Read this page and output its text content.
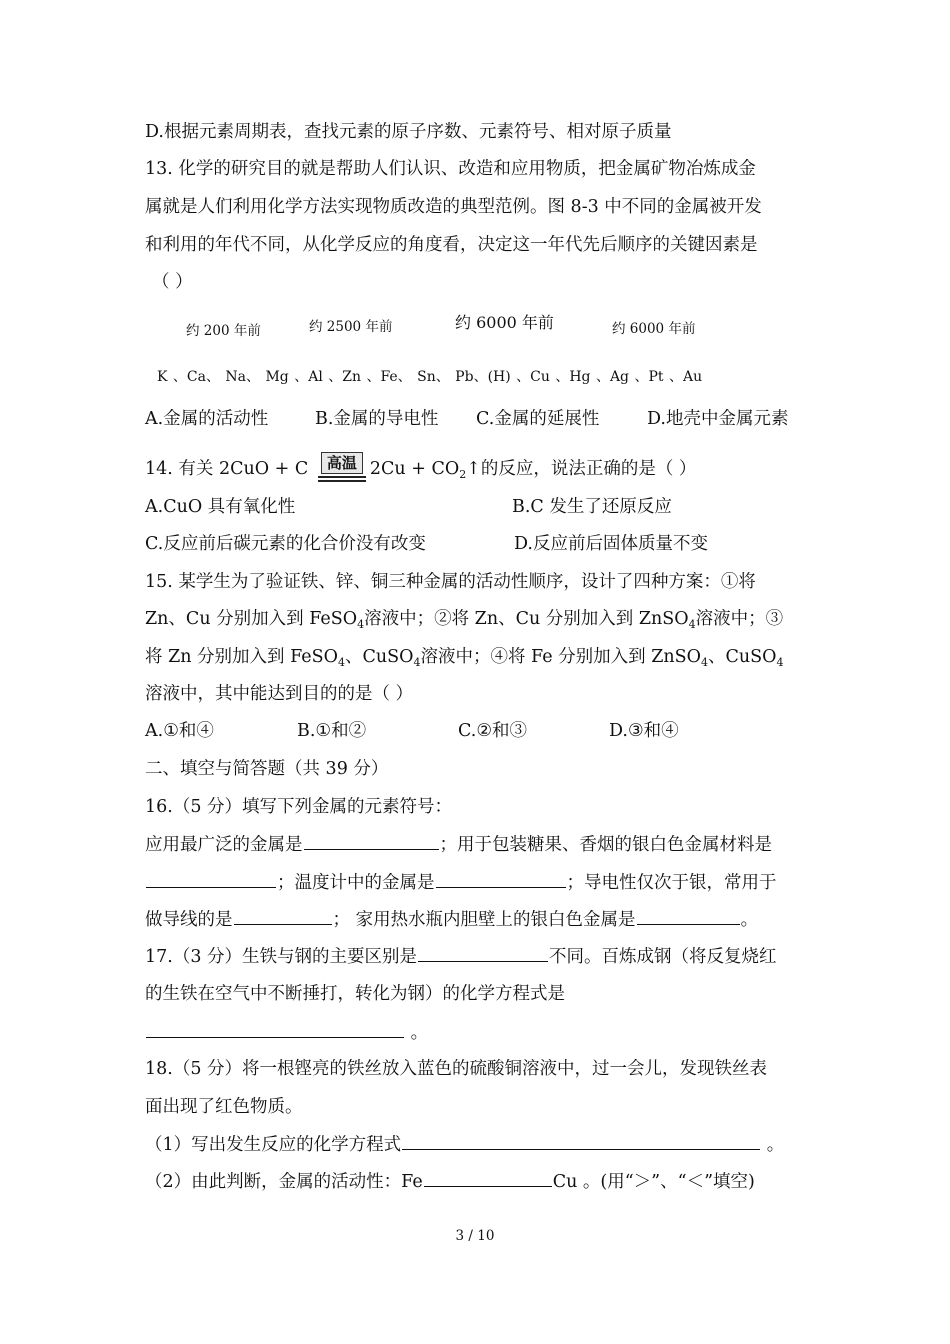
D.根据元素周期表，查找元素的原子序数、元素符号、相对原子质量
13. 化学的研究目的就是帮助人们认识、改造和应用物质，把金属矿物冶炼成金
属就是人们利用化学方法实现物质改造的典型范例。图 8-3 中不同的金属被开发
和利用的年代不同，从化学反应的角度看，决定这一年代先后顺序的关键因素是
（ ）
约 200 年前	约 2500 年前	约 6000 年前	约 6000 年前
K 、Ca、 Na、 Mg 、Al 、Zn 、Fe、 Sn、 Pb、(H) 、Cu 、Hg 、Ag 、Pt 、Au
A.金属的活动性	B.金属的导电性 C.金属的延展性	D.地壳中金属元素
14. 有关 2CuO + C	高温 $2Cu + CO_2↑$的反应，说法正确的是（ ）
A.CuO 具有氧化性	B.C 发生了还原反应
C.反应前后碳元素的化合价没有改变	D.反应前后固体质量不变
15. 某学生为了验证铁、锌、铜三种金属的活动性顺序，设计了四种方案：①将
Zn、Cu 分别加入到 FeSO$_4$溶液中；②将 Zn、Cu 分别加入到 ZnSO$_4$溶液中；③
将 Zn 分别加入到 FeSO$_4$、CuSO$_4$溶液中；④将 Fe 分别加入到 ZnSO$_4$、CuSO$_4$
溶液中，其中能达到目的的是（ ）
A.①和④	B.①和②	C.②和③	D.③和④
二、填空与简答题（共 39 分）
16.（5 分）填写下列金属的元素符号：
应用最广泛的金属是	；用于包装糖果、香烟的银白色金属材料是
；温度计中的金属是	；导电性仅次于银，常用于
做导线的是	； 家用热水瓶内胆壁上的银白色金属是	。
17.（3 分）生铁与钢的主要区别是	不同。百炼成钢（将反复烧红
的生铁在空气中不断捶打，转化为钢）的化学方程式是
。
18.（5 分）将一根铿亮的铁丝放入蓝色的硫酸铜溶液中，过一会儿，发现铁丝表
面出现了红色物质。
（1）写出发生反应的化学方程式	。
（2）由此判断，金属的活动性：Fe	Cu 。(用“＞”、“＜”填空)
3 / 10
